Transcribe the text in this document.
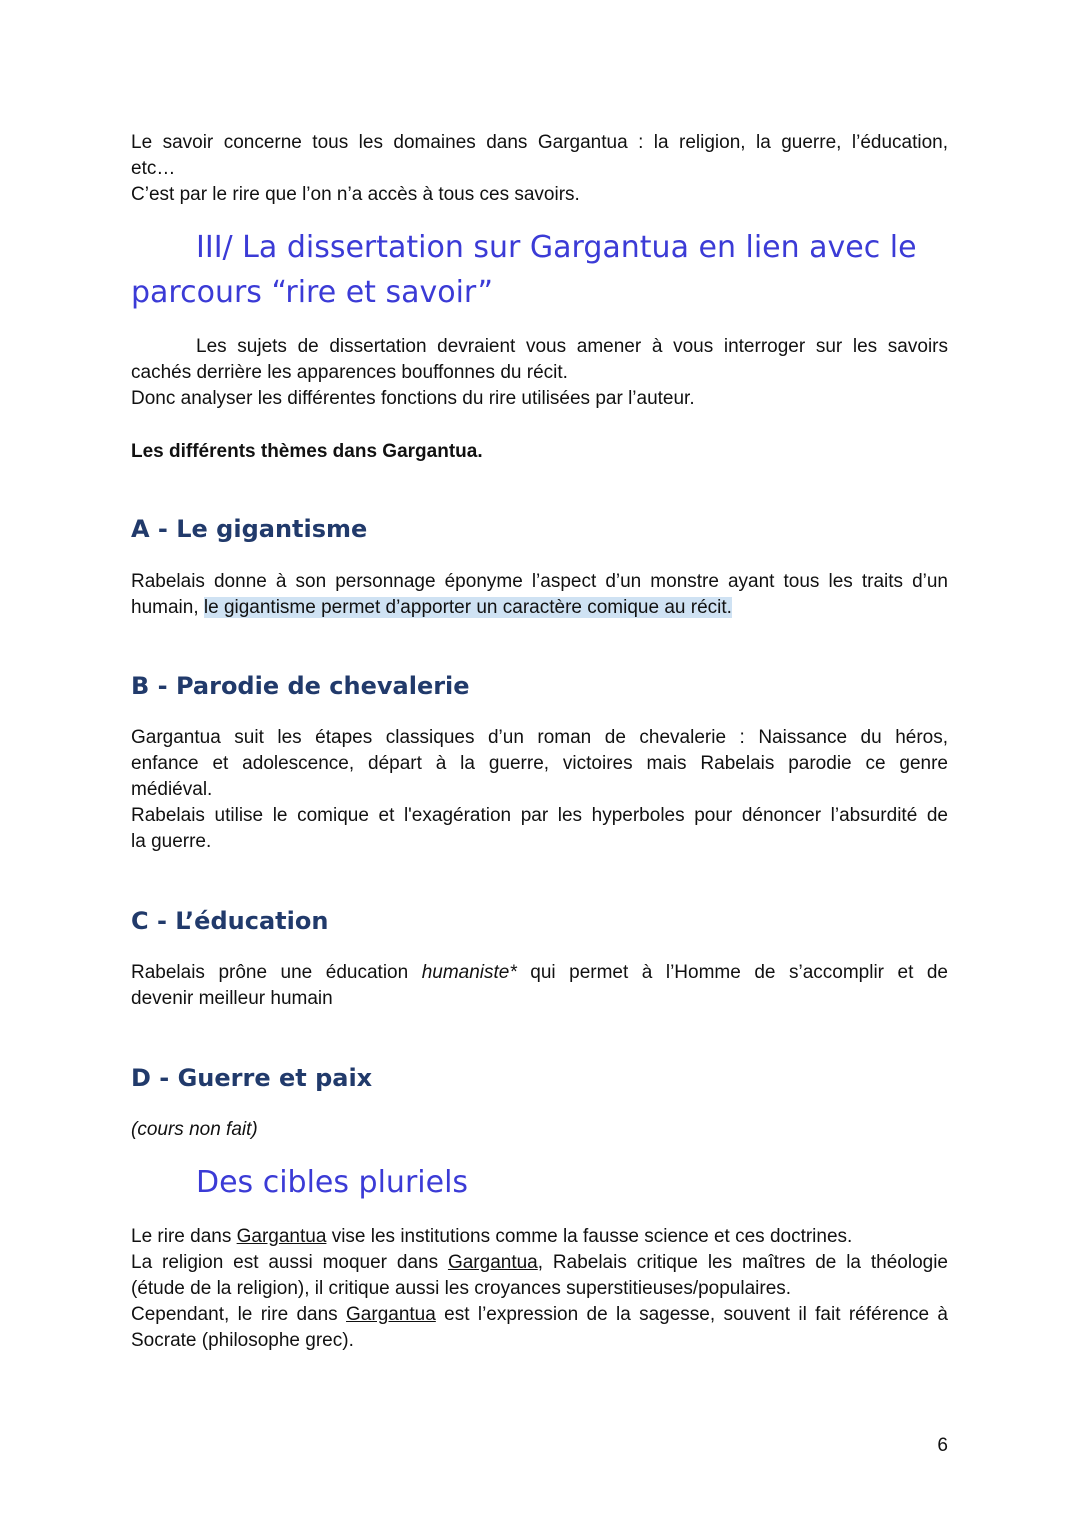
Le savoir concerne tous les domaines dans Gargantua : la religion, la guerre, l’éducation,
etc…
C’est par le rire que l’on n’a accès à tous ces savoirs.

III/ La dissertation sur Gargantua en lien avec le
parcours “rire et savoir”

Les sujets de dissertation devraient vous amener à vous interroger sur les savoirs
cachés derrière les apparences bouffonnes du récit.
Donc analyser les différentes fonctions du rire utilisées par l’auteur.

Les différents thèmes dans Gargantua.

A - Le gigantisme

Rabelais donne à son personnage éponyme l’aspect d’un monstre ayant tous les traits d’un
humain, le gigantisme permet d’apporter un caractère comique au récit.

B - Parodie de chevalerie

Gargantua suit les étapes classiques d’un roman de chevalerie : Naissance du héros,
enfance et adolescence, départ à la guerre, victoires mais Rabelais parodie ce genre
médiéval.
Rabelais utilise le comique et l'exagération par les hyperboles pour dénoncer l’absurdité de
la guerre.

C - L’éducation

Rabelais prône une éducation humaniste* qui permet à l’Homme de s’accomplir et de
devenir meilleur humain

D - Guerre et paix

(cours non fait)

Des cibles pluriels

Le rire dans Gargantua vise les institutions comme la fausse science et ces doctrines.
La religion est aussi moquer dans Gargantua, Rabelais critique les maîtres de la théologie
(étude de la religion), il critique aussi les croyances superstitieuses/populaires.
Cependant, le rire dans Gargantua est l’expression de la sagesse, souvent il fait référence à
Socrate (philosophe grec).

6
